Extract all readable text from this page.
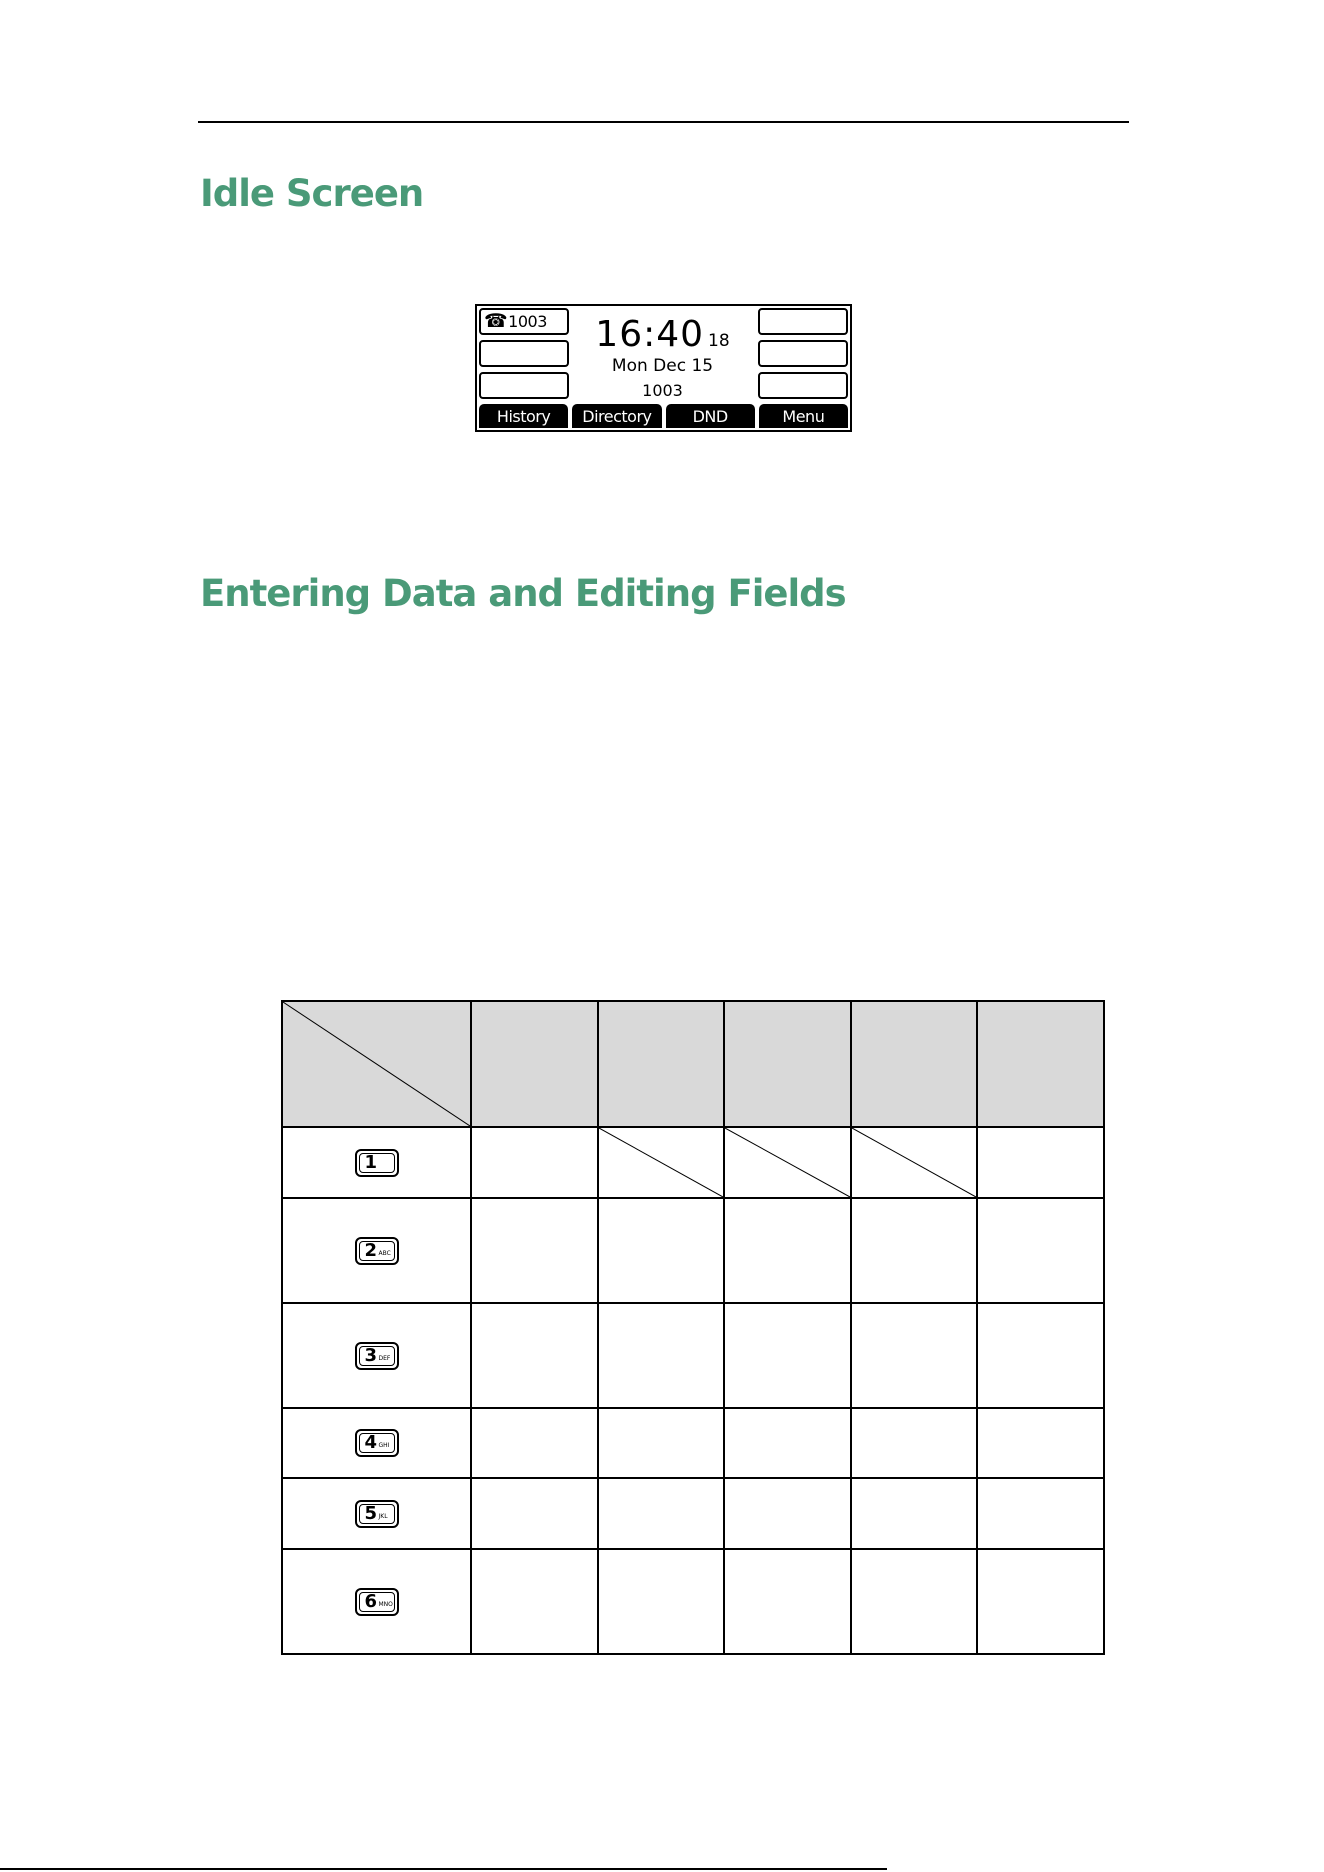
Idle Screen
☎ 1003	16:40 18
Mon Dec 15
1003
History	Directory	DND	Menu
Entering Data and Editing Fields

1

2 ABC					

3 DEF					

4 GHI					

5 JKL					

6 MNO					
